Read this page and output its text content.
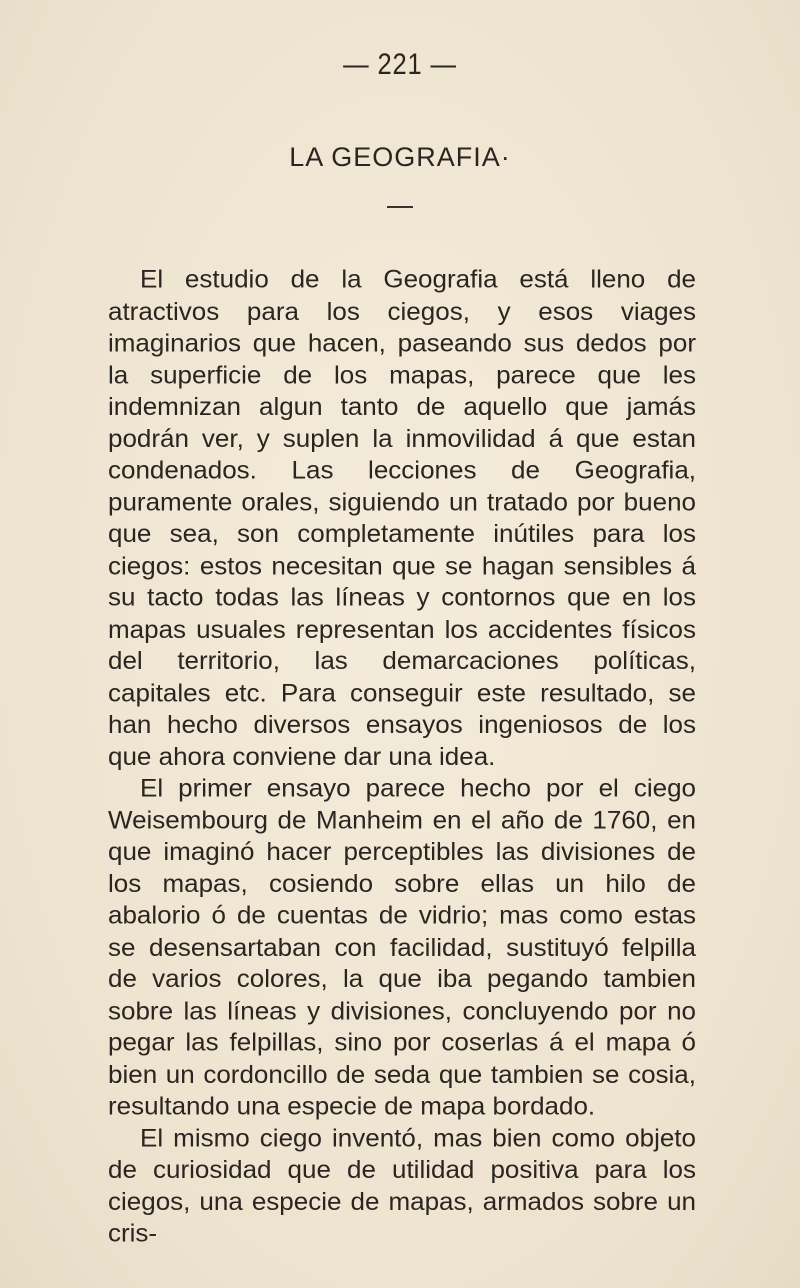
— 221 —
LA GEOGRAFIA·

El estudio de la Geografia está lleno de atractivos para los ciegos, y esos viages imaginarios que hacen, paseando sus dedos por la superficie de los mapas, parece que les indemnizan algun tanto de aquello que jamás podrán ver, y suplen la inmovilidad á que estan condenados. Las lecciones de Geografia, puramente orales, siguiendo un tratado por bueno que sea, son completamente inútiles para los ciegos: estos necesitan que se hagan sensibles á su tacto todas las líneas y contornos que en los mapas usuales representan los accidentes físicos del territorio, las demarcaciones políticas, capitales etc. Para conseguir este resultado, se han hecho diversos ensayos ingeniosos de los que ahora conviene dar una idea.

El primer ensayo parece hecho por el ciego Weisembourg de Manheim en el año de 1760, en que imaginó hacer perceptibles las divisiones de los mapas, cosiendo sobre ellas un hilo de abalorio ó de cuentas de vidrio; mas como estas se desensartaban con facilidad, sustituyó felpilla de varios colores, la que iba pegando tambien sobre las líneas y divisiones, concluyendo por no pegar las felpillas, sino por coserlas á el mapa ó bien un cordoncillo de seda que tambien se cosia, resultando una especie de mapa bordado.

El mismo ciego inventó, mas bien como objeto de curiosidad que de utilidad positiva para los ciegos, una especie de mapas, armados sobre un cris-
